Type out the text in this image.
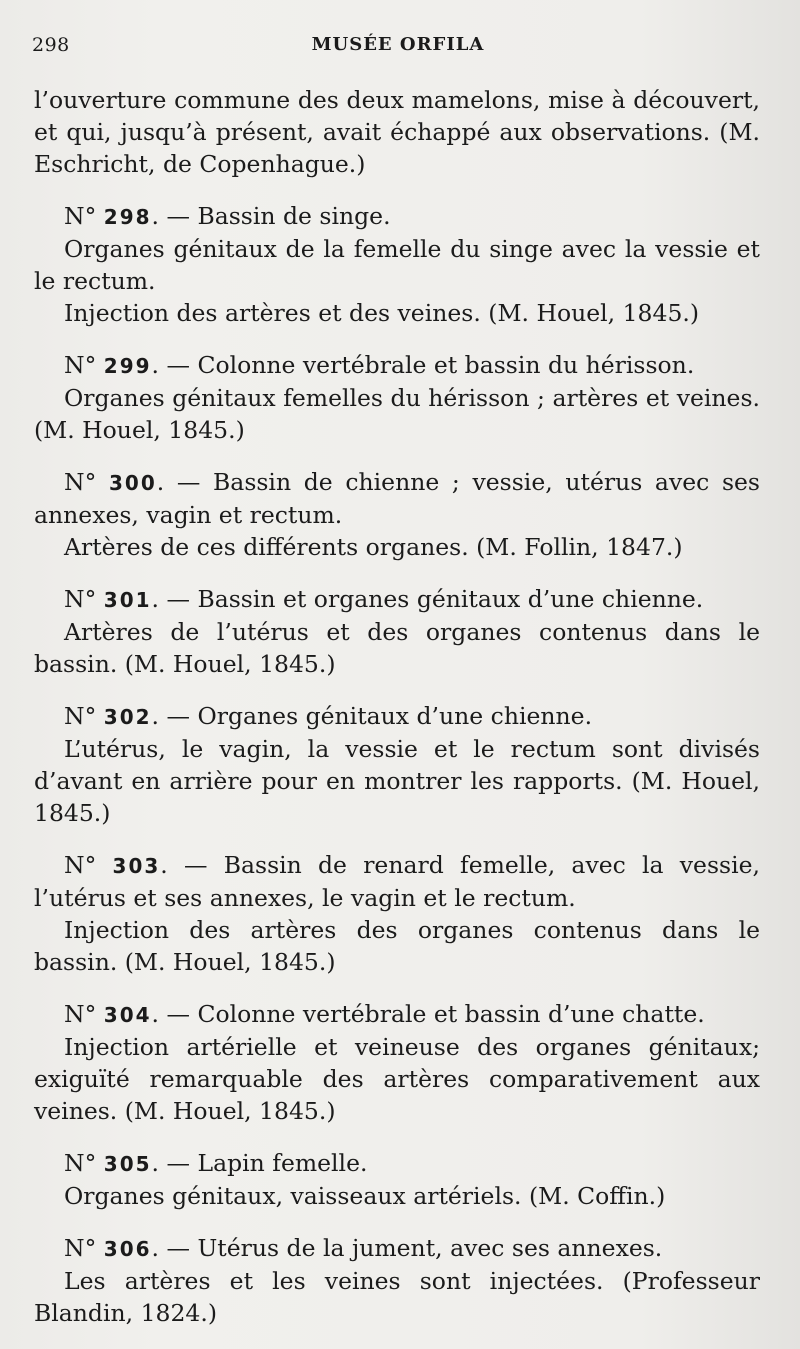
298	MUSÉE ORFILA

l’ouverture commune des deux mamelons, mise à découvert, et qui, jusqu’à présent, avait échappé aux observations. (M. Eschricht, de Copenhague.)

N° 298. — Bassin de singe.

Organes génitaux de la femelle du singe avec la vessie et le rectum.

Injection des artères et des veines. (M. Houel, 1845.)

N° 299. — Colonne vertébrale et bassin du hérisson.

Organes génitaux femelles du hérisson ; artères et veines. (M. Houel, 1845.)

N° 300. — Bassin de chienne ; vessie, utérus avec ses annexes, vagin et rectum.

Artères de ces différents organes. (M. Follin, 1847.)

N° 301. — Bassin et organes génitaux d’une chienne.

Artères de l’utérus et des organes contenus dans le bassin. (M. Houel, 1845.)

N° 302. — Organes génitaux d’une chienne.

L’utérus, le vagin, la vessie et le rectum sont divisés d’avant en arrière pour en montrer les rapports. (M. Houel, 1845.)

N° 303. — Bassin de renard femelle, avec la vessie, l’utérus et ses annexes, le vagin et le rectum.

Injection des artères des organes contenus dans le bassin. (M. Houel, 1845.)

N° 304. — Colonne vertébrale et bassin d’une chatte.

Injection artérielle et veineuse des organes génitaux; exiguïté remarquable des artères comparativement aux veines. (M. Houel, 1845.)

N° 305. — Lapin femelle.

Organes génitaux, vaisseaux artériels. (M. Coffin.)

N° 306. — Utérus de la jument, avec ses annexes.

Les artères et les veines sont injectées. (Professeur Blandin, 1824.)
